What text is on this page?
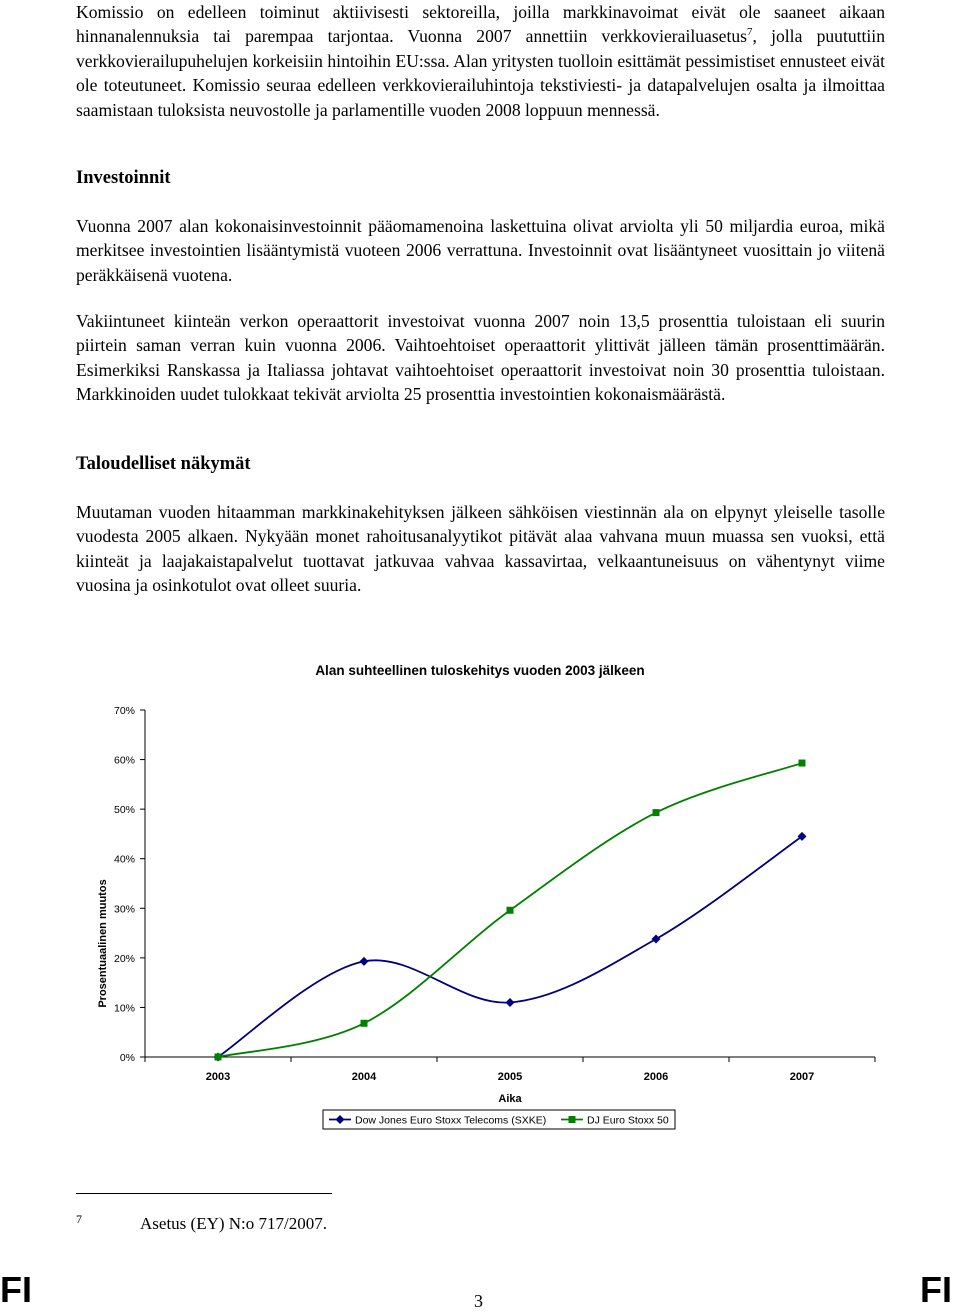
Komissio on edelleen toiminut aktiivisesti sektoreilla, joilla markkinavoimat eivät ole saaneet aikaan hinnanalennuksia tai parempaa tarjontaa. Vuonna 2007 annettiin verkkovierailuasetus$^7$, jolla puututtiin verkkovierailupuhelujen korkeisiin hintoihin EU:ssa. Alan yritysten tuolloin esittämät pessimistiset ennusteet eivät ole toteutuneet. Komissio seuraa edelleen verkkovierailuhintoja tekstiviesti- ja datapalvelujen osalta ja ilmoittaa saamistaan tuloksista neuvostolle ja parlamentille vuoden 2008 loppuun mennessä.

Investoinnit

Vuonna 2007 alan kokonaisinvestoinnit pääomamenoina laskettuina olivat arviolta yli 50 miljardia euroa, mikä merkitsee investointien lisääntymistä vuoteen 2006 verrattuna. Investoinnit ovat lisääntyneet vuosittain jo viitenä peräkkäisenä vuotena.

Vakiintuneet kiinteän verkon operaattorit investoivat vuonna 2007 noin 13,5 prosenttia tuloistaan eli suurin piirtein saman verran kuin vuonna 2006. Vaihtoehtoiset operaattorit ylittivät jälleen tämän prosenttimäärän. Esimerkiksi Ranskassa ja Italiassa johtavat vaihtoehtoiset operaattorit investoivat noin 30 prosenttia tuloistaan. Markkinoiden uudet tulokkaat tekivät arviolta 25 prosenttia investointien kokonaismäärästä.

Taloudelliset näkymät

Muutaman vuoden hitaamman markkinakehityksen jälkeen sähköisen viestinnän ala on elpynyt yleiselle tasolle vuodesta 2005 alkaen. Nykyään monet rahoitusanalyytikot pitävät alaa vahvana muun muassa sen vuoksi, että kiinteät ja laajakaistapalvelut tuottavat jatkuvaa vahvaa kassavirtaa, velkaantuneisuus on vähentynyt viime vuosina ja osinkotulot ovat olleet suuria.

Alan suhteellinen tuloskehitys vuoden 2003 jälkeen
0%
10%
20%
30%
40%
50%
60%
70%
2003	2004	2005	2006	2007
Prosentuaalinen muutos
Aika
Dow Jones Euro Stoxx Telecoms (SXKE)	DJ Euro Stoxx 50
7	Asetus (EY) N:o 717/2007.
FI	3	FI
